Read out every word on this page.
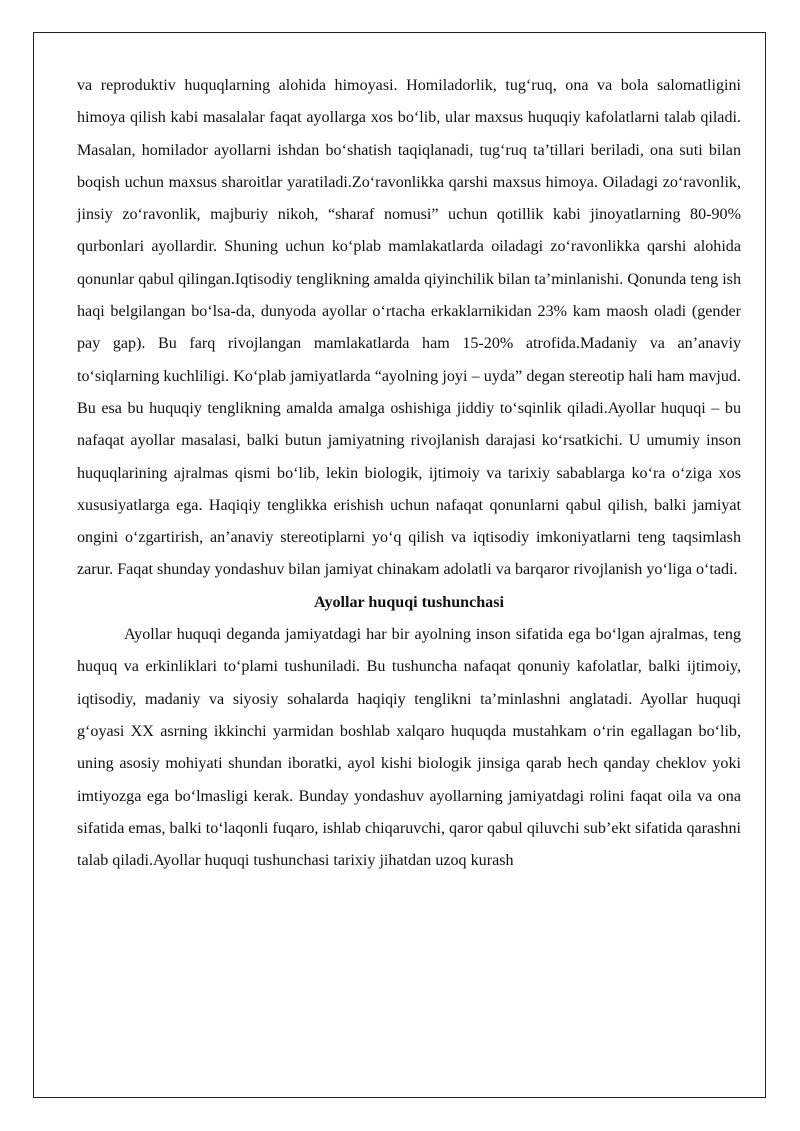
va reproduktiv huquqlarning alohida himoyasi. Homiladorlik, tug‘ruq, ona va bola salomatligini himoya qilish kabi masalalar faqat ayollarga xos bo‘lib, ular maxsus huquqiy kafolatlarni talab qiladi. Masalan, homilador ayollarni ishdan bo‘shatish taqiqlanadi, tug‘ruq ta’tillari beriladi, ona suti bilan boqish uchun maxsus sharoitlar yaratiladi.Zo‘ravonlikka qarshi maxsus himoya. Oiladagi zo‘ravonlik, jinsiy zo‘ravonlik, majburiy nikoh, “sharaf nomusi” uchun qotillik kabi jinoyatlarning 80-90% qurbonlari ayollardir. Shuning uchun ko‘plab mamlakatlarda oiladagi zo‘ravonlikka qarshi alohida qonunlar qabul qilingan.Iqtisodiy tenglikning amalda qiyinchilik bilan ta’minlanishi. Qonunda teng ish haqi belgilangan bo‘lsa-da, dunyoda ayollar o‘rtacha erkaklarnikidan 23% kam maosh oladi (gender pay gap). Bu farq rivojlangan mamlakatlarda ham 15-20% atrofida.Madaniy va an’anaviy to‘siqlarning kuchliligi. Ko‘plab jamiyatlarda “ayolning joyi – uyda” degan stereotip hali ham mavjud. Bu esa bu huquqiy tenglikning amalda amalga oshishiga jiddiy to‘sqinlik qiladi.Ayollar huquqi – bu nafaqat ayollar masalasi, balki butun jamiyatning rivojlanish darajasi ko‘rsatkichi. U umumiy inson huquqlarining ajralmas qismi bo‘lib, lekin biologik, ijtimoiy va tarixiy sabablarga ko‘ra o‘ziga xos xususiyatlarga ega. Haqiqiy tenglikka erishish uchun nafaqat qonunlarni qabul qilish, balki jamiyat ongini o‘zgartirish, an’anaviy stereotiplarni yo‘q qilish va iqtisodiy imkoniyatlarni teng taqsimlash zarur. Faqat shunday yondashuv bilan jamiyat chinakam adolatli va barqaror rivojlanish yo‘liga o‘tadi.

Ayollar huquqi tushunchasi

Ayollar huquqi deganda jamiyatdagi har bir ayolning inson sifatida ega bo‘lgan ajralmas, teng huquq va erkinliklari to‘plami tushuniladi. Bu tushuncha nafaqat qonuniy kafolatlar, balki ijtimoiy, iqtisodiy, madaniy va siyosiy sohalarda haqiqiy tenglikni ta’minlashni anglatadi. Ayollar huquqi g‘oyasi XX asrning ikkinchi yarmidan boshlab xalqaro huquqda mustahkam o‘rin egallagan bo‘lib, uning asosiy mohiyati shundan iboratki, ayol kishi biologik jinsiga qarab hech qanday cheklov yoki imtiyozga ega bo‘lmasligi kerak. Bunday yondashuv ayollarning jamiyatdagi rolini faqat oila va ona sifatida emas, balki to‘laqonli fuqaro, ishlab chiqaruvchi, qaror qabul qiluvchi sub’ekt sifatida qarashni talab qiladi.Ayollar huquqi tushunchasi tarixiy jihatdan uzoq kurash
